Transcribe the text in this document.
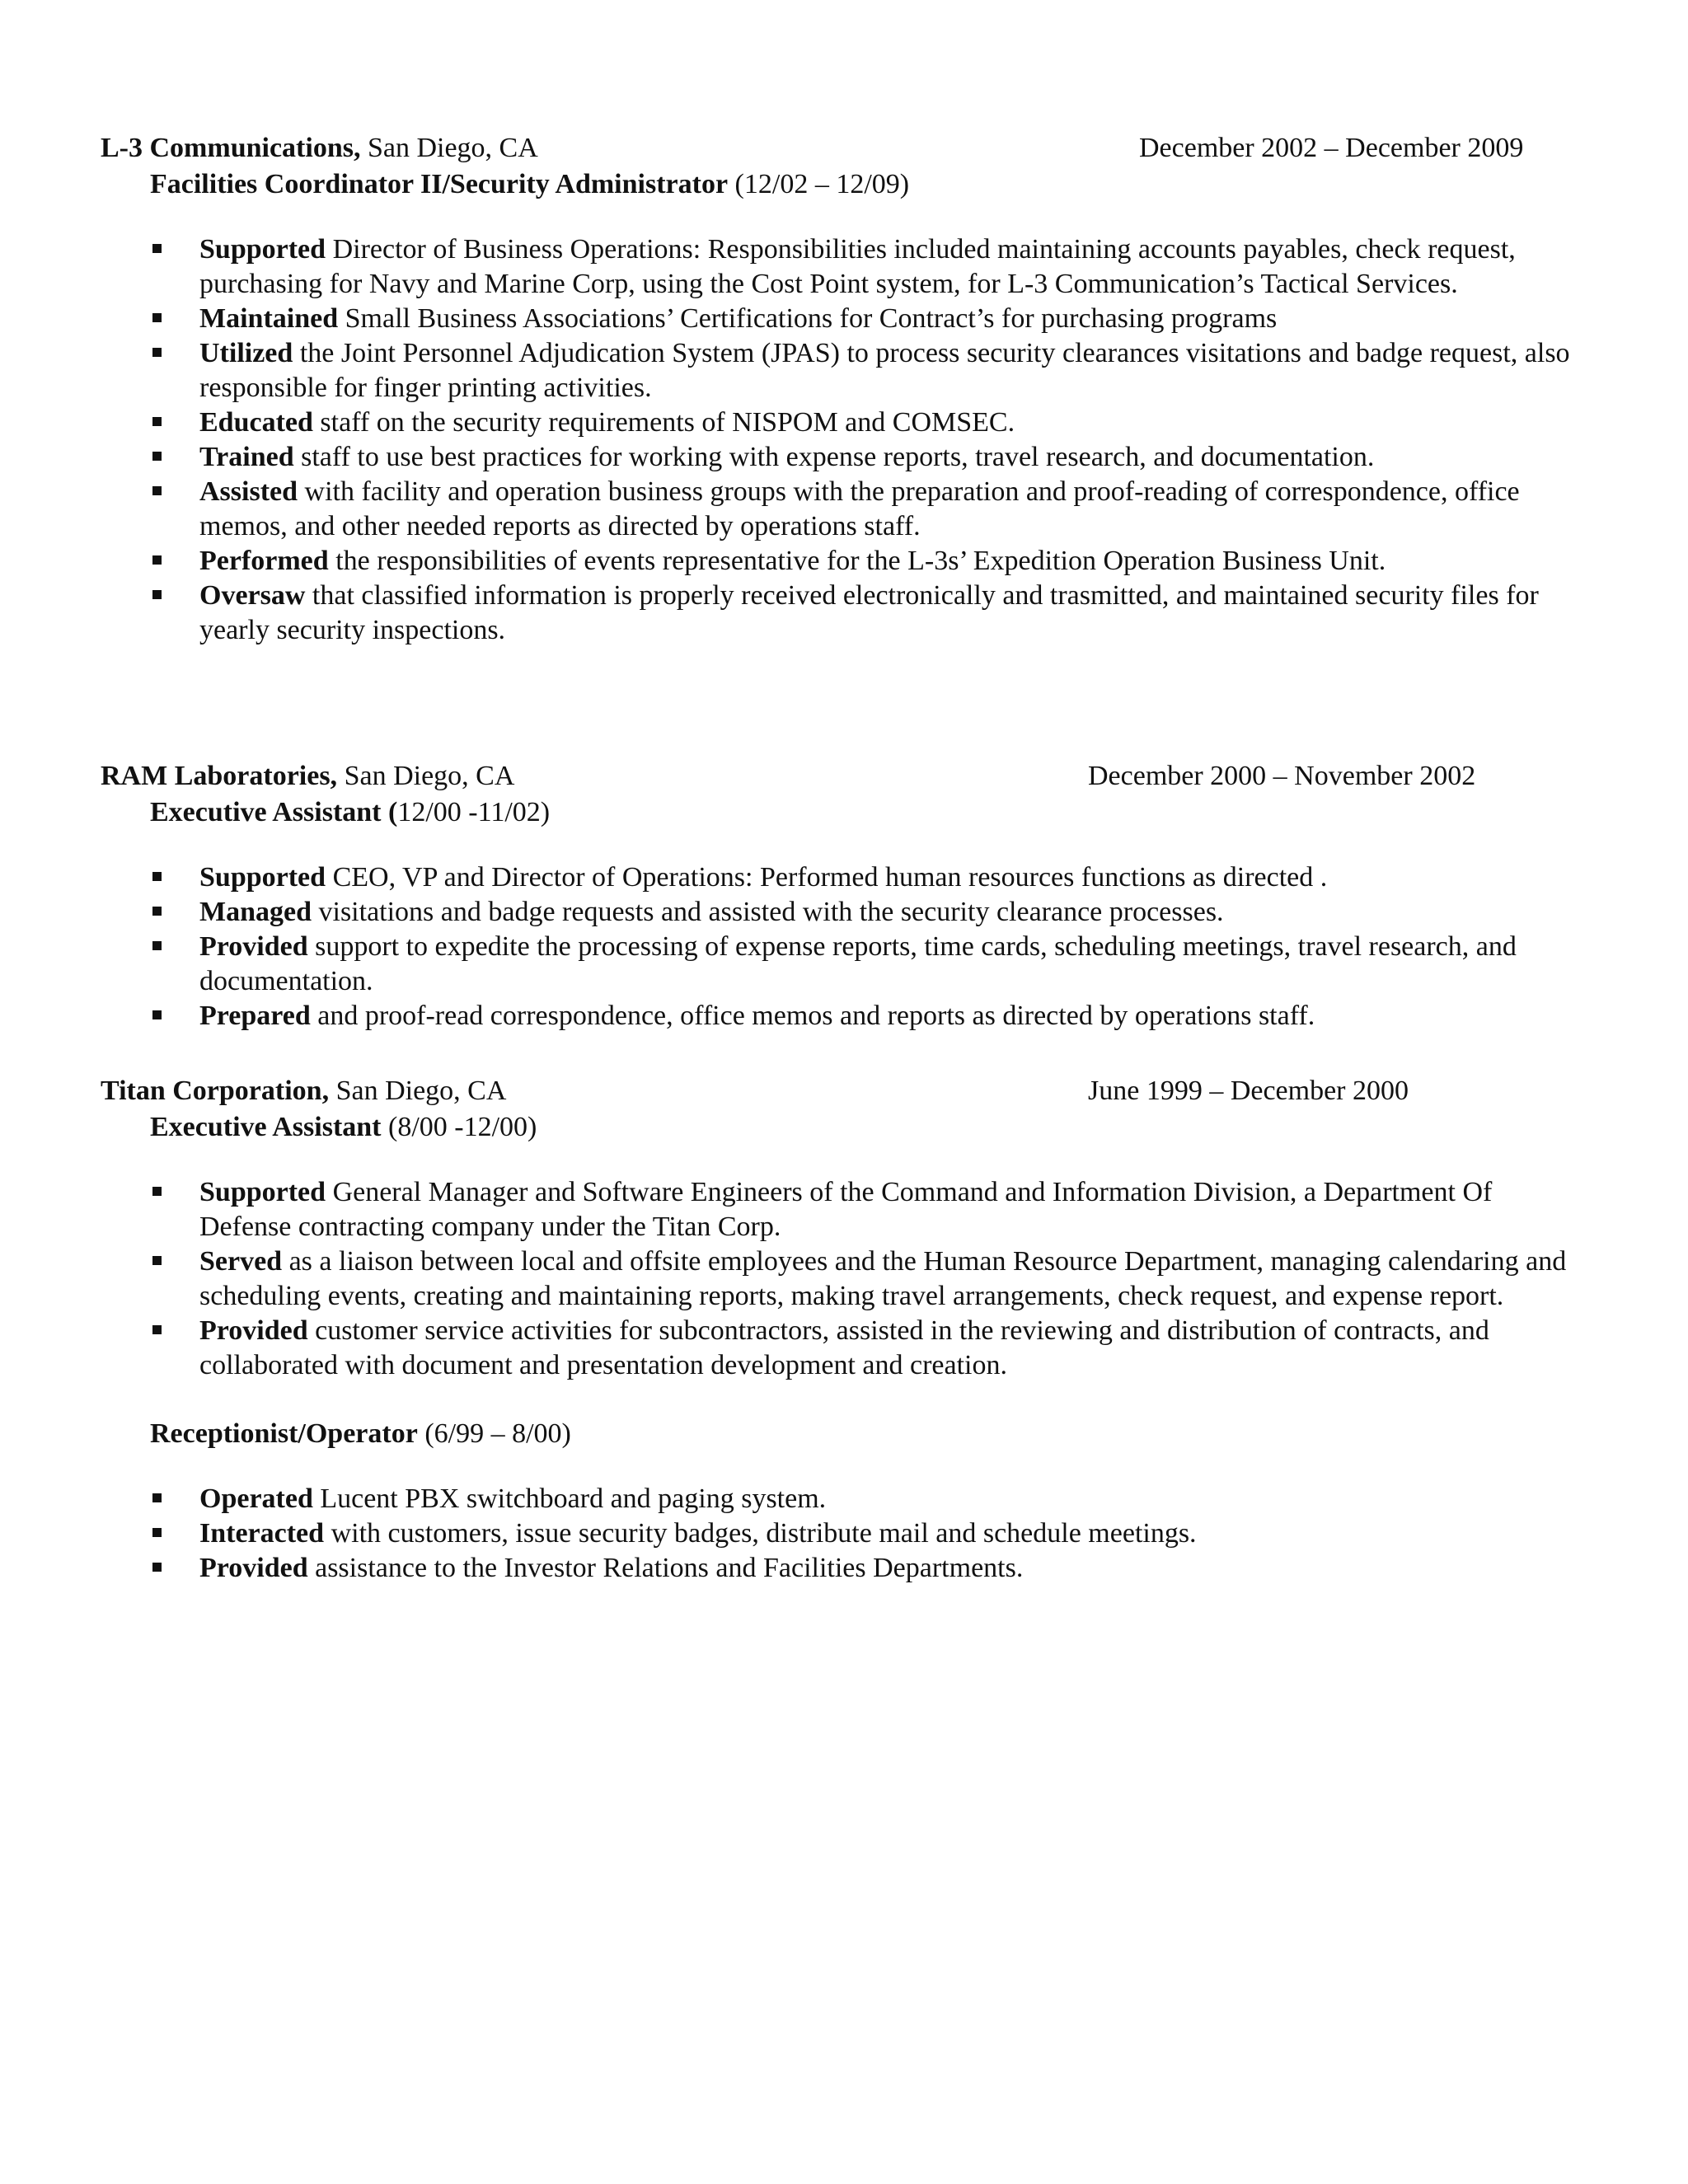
L-3 Communications, San Diego, CA	December 2002 – December 2009
Facilities Coordinator II/Security Administrator (12/02 – 12/09)
Supported Director of Business Operations: Responsibilities included maintaining accounts payables, check request, purchasing for Navy and Marine Corp, using the Cost Point system, for L-3 Communication’s Tactical Services.
Maintained Small Business Associations’ Certifications for Contract’s for purchasing programs
Utilized the Joint Personnel Adjudication System (JPAS) to process security clearances visitations and badge request, also responsible for finger printing activities.
Educated staff on the security requirements of NISPOM and COMSEC.
Trained staff to use best practices for working with expense reports, travel research, and documentation.
Assisted with facility and operation business groups with the preparation and proof-reading of correspondence, office memos, and other needed reports as directed by operations staff.
Performed the responsibilities of events representative for the L-3s’ Expedition Operation Business Unit.
Oversaw that classified information is properly received electronically and trasmitted, and maintained security files for yearly security inspections.
RAM Laboratories, San Diego, CA	December 2000 – November 2002
Executive Assistant (12/00 -11/02)
Supported CEO, VP and Director of Operations: Performed human resources functions as directed .
Managed visitations and badge requests and assisted with the security clearance processes.
Provided support to expedite the processing of expense reports, time cards, scheduling meetings, travel research, and documentation.
Prepared and proof-read correspondence, office memos and reports as directed by operations staff.
Titan Corporation, San Diego, CA	June 1999 – December 2000
Executive Assistant (8/00 -12/00)
Supported General Manager and Software Engineers of the Command and Information Division, a Department Of Defense contracting company under the Titan Corp.
Served as a liaison between local and offsite employees and the Human Resource Department, managing calendaring and scheduling events, creating and maintaining reports, making travel arrangements, check request, and expense report.
Provided customer service activities for subcontractors, assisted in the reviewing and distribution of contracts, and collaborated with document and presentation development and creation.
Receptionist/Operator (6/99 – 8/00)
Operated Lucent PBX switchboard and paging system.
Interacted with customers, issue security badges, distribute mail and schedule meetings.
Provided assistance to the Investor Relations and Facilities Departments.
